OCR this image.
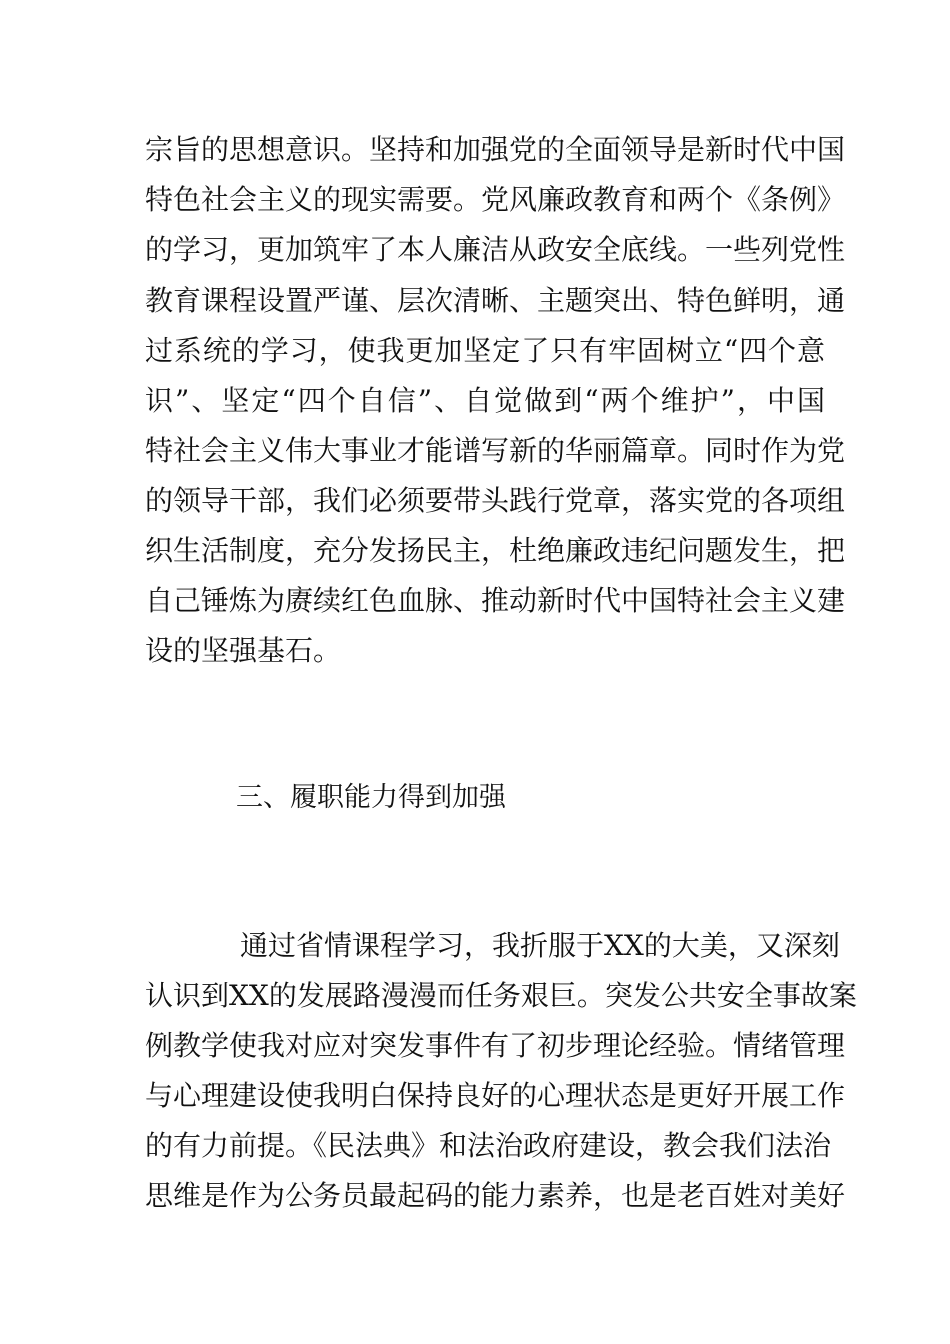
宗旨的思想意识。坚持和加强党的全面领导是新时代中国
特色社会主义的现实需要。党风廉政教育和两个《条例》
的学习，更加筑牢了本人廉洁从政安全底线。一些列党性
教育课程设置严谨、层次清晰、主题突出、特色鲜明，通
过系统的学习，使我更加坚定了只有牢固树立“四个意
识”、坚定“四个自信”、自觉做到“两个维护”，中国
特社会主义伟大事业才能谱写新的华丽篇章。同时作为党
的领导干部，我们必须要带头践行党章，落实党的各项组
织生活制度，充分发扬民主，杜绝廉政违纪问题发生，把
自己锤炼为赓续红色血脉、推动新时代中国特社会主义建
设的坚强基石。
三、履职能力得到加强
通过省情课程学习，我折服于XX的大美，又深刻
认识到XX的发展路漫漫而任务艰巨。突发公共安全事故案
例教学使我对应对突发事件有了初步理论经验。情绪管理
与心理建设使我明白保持良好的心理状态是更好开展工作
的有力前提。《民法典》和法治政府建设，教会我们法治
思维是作为公务员最起码的能力素养，也是老百姓对美好
